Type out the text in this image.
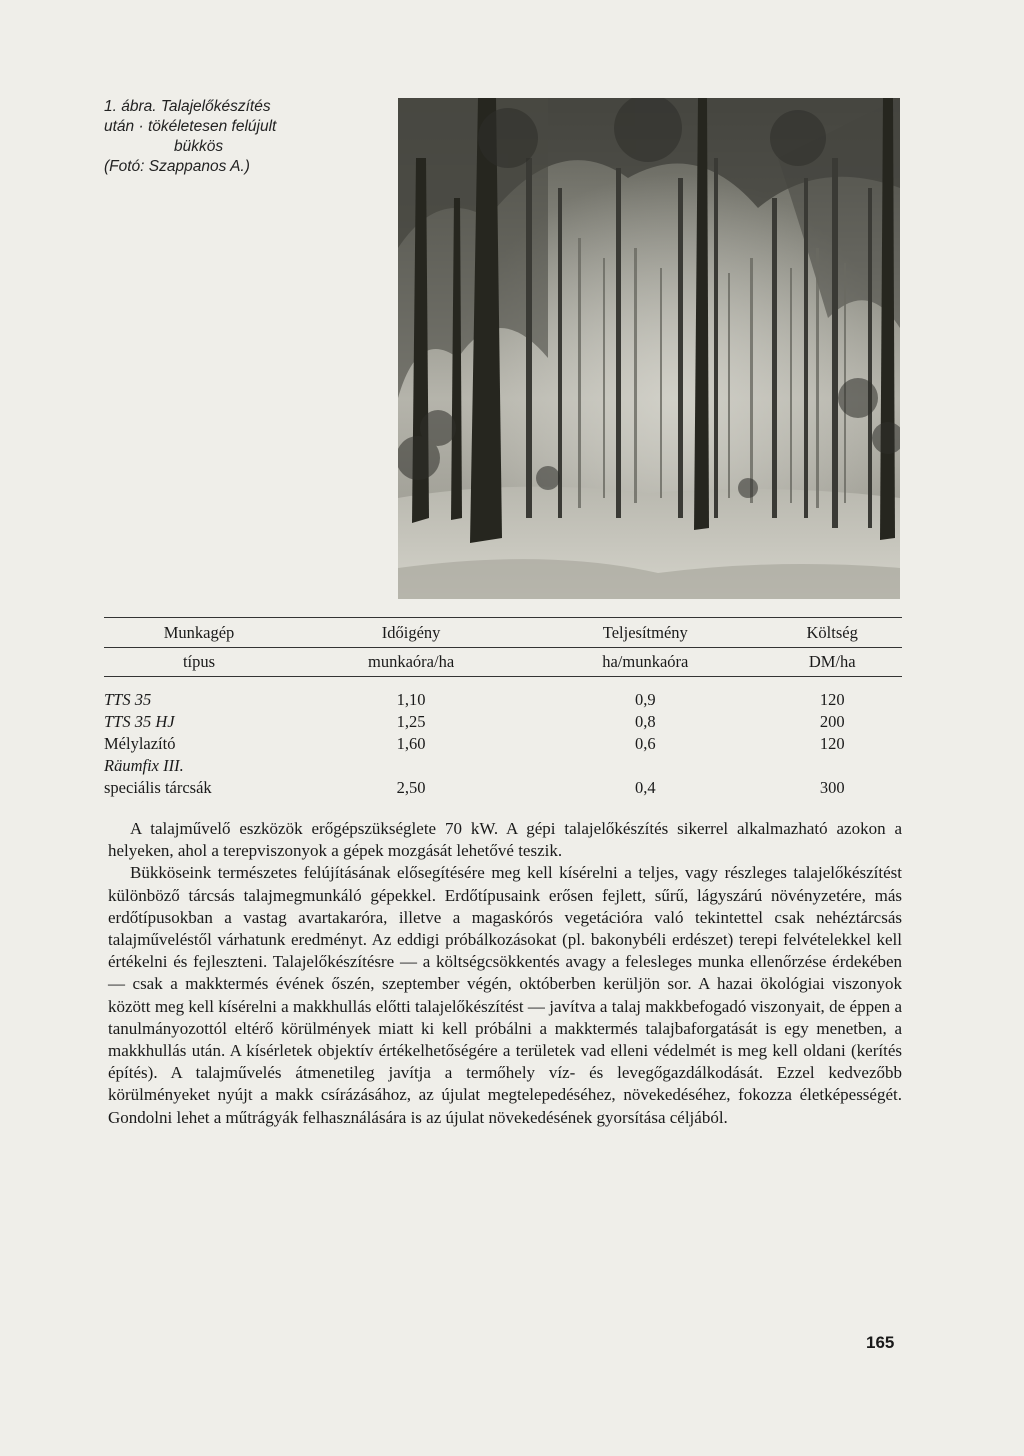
1. ábra. Talajelőkészítés
után · tökéletesen felújult
bükkös
(Fotó: Szappanos A.)
Munkagép	Időigény	Teljesítmény	Költség
típus	munkaóra/ha	ha/munkaóra	DM/ha

TTS 35	1,10	0,9	120
TTS 35 HJ	1,25	0,8	200
Mélylazító	1,60	0,6	120
Räumfix III.			
speciális tárcsák	2,50	0,4	300

A talajművelő eszközök erőgépszükséglete 70 kW. A gépi talajelőkészítés sikerrel alkalmazható azokon a helyeken, ahol a terepviszonyok a gépek mozgását lehetővé teszik.

Bükköseink természetes felújításának elősegítésére meg kell kísérelni a teljes, vagy részleges talajelőkészítést különböző tárcsás talajmegmunkáló gépekkel. Erdőtípusaink erősen fejlett, sűrű, lágyszárú növényzetére, más erdőtípusokban a vastag avartakaróra, illetve a magaskórós vegetációra való tekintettel csak nehéztárcsás talajműveléstől várhatunk eredményt. Az eddigi próbálkozásokat (pl. bakonybéli erdészet) terepi felvételekkel kell értékelni és fejleszteni. Talajelőkészítésre — a költségcsökkentés avagy a felesleges munka ellenőrzése érdekében — csak a makktermés évének őszén, szeptember végén, októberben kerüljön sor. A hazai ökológiai viszonyok között meg kell kísérelni a makkhullás előtti talajelőkészítést — javítva a talaj makkbefogadó viszonyait, de éppen a tanulmányozottól eltérő körülmények miatt ki kell próbálni a makktermés talajbaforgatását is egy menetben, a makkhullás után. A kísérletek objektív értékelhetőségére a területek vad elleni védelmét is meg kell oldani (kerítés építés). A talajművelés átmenetileg javítja a termőhely víz- és levegőgazdálkodását. Ezzel kedvezőbb körülményeket nyújt a makk csírázásához, az újulat megtelepedéséhez, növekedéséhez, fokozza életképességét. Gondolni lehet a műtrágyák felhasználására is az újulat növekedésének gyorsítása céljából.

165
